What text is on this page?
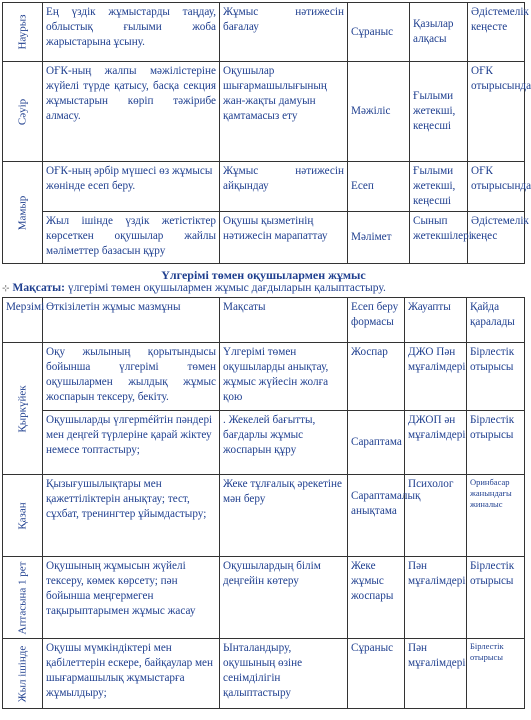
Наурыз	Ең үздік жұмыстарды таңдау, облыстық ғылыми жоба жарыстарына ұсыну.	Жұмыс нәтижесін бағалау	Сұраныс	Қазылар алқасы	Әдістемелік кеңесте

Сәуір	ОҒК-ның жалпы мәжілістеріне жүйелі түрде қатысу, басқа секция жұмыстарын көріп тәжірибе алмасу.	Оқушылар шығармашылығының жан-жақты дамуын қамтамасыз ету	Мәжіліс	Ғылыми жетекші, кеңесші	ОҒК отырысында

Мамыр	ОҒК-ның әрбір мүшесі өз жұмысы жөнінде есеп беру.	Жұмыс нәтижесін айқындау	Есеп	Ғылыми жетекші, кеңесші	ОҒК отырысында
	Жыл ішінде үздік жетістіктер көрсеткен оқушылар жайлы мәліметтер базасын құру	Оқушы қызметінің нәтижесін марапаттау	Мәлімет	Сынып жетекшілері	Әдістемелік кеңес
Үлгерімі төмен оқушылармен жұмыс
⊹ Мақсаты: үлгерімі төмен оқушылармен жұмыс дағдыларын қалыптастыру.
Мерзімі	Өткізілетін жұмыс мазмұны	Мақсаты	Есеп беру формасы	Жауапты	Қайда қаралады

Қыркүйек	Оқу жылының қорытындысы бойынша үлгерімі төмен оқушылармен жылдық жұмыс жоспарын тексеру, бекіту.	Үлгерімі төмен оқушыларды анықтау, жұмыс жүйесін жолға қою	Жоспар	ДЖО Пән мұғалімдері	Бірлестік отырысы
	Оқушыларды үлгерméйтін пәндері мен деңгей түрлеріне қарай жіктеу немесе топтастыру;	. Жекелей бағытты, бағдарлы жұмыс жоспарын құру	Сараптама	ДЖОП ән мұғалімдері	Бірлестік отырысы

Қазан	Қызығушылықтары мен қажеттіліктерін анықтау; тест, сұхбат, тренингтер ұйымдастыру;	Жеке тұлғалық әрекетіне мән беру	Сараптамалық анықтама	Психолог	Оринбасар жанындағы жиналыс

Аптасына 1 рет	Оқушының жұмысын жүйелі тексеру, көмек көрсету; пән бойынша меңгермеген тақырыптарымен жұмыс жасау	Оқушылардың білім деңгейін көтеру	Жеке жұмыс жоспары	Пән мұғалімдері	Бірлестік отырысы

Жыл ішінде	Оқушы мүмкіндіктері мен қабілеттерін ескере, байқаулар мен шығармашылық жұмыстарға жұмылдыру;	Ынталандыру, оқушының өзіне сенімділігін қалыптастыру	Сұраныс	Пән мұғалімдері	Бірлестік отырысы
